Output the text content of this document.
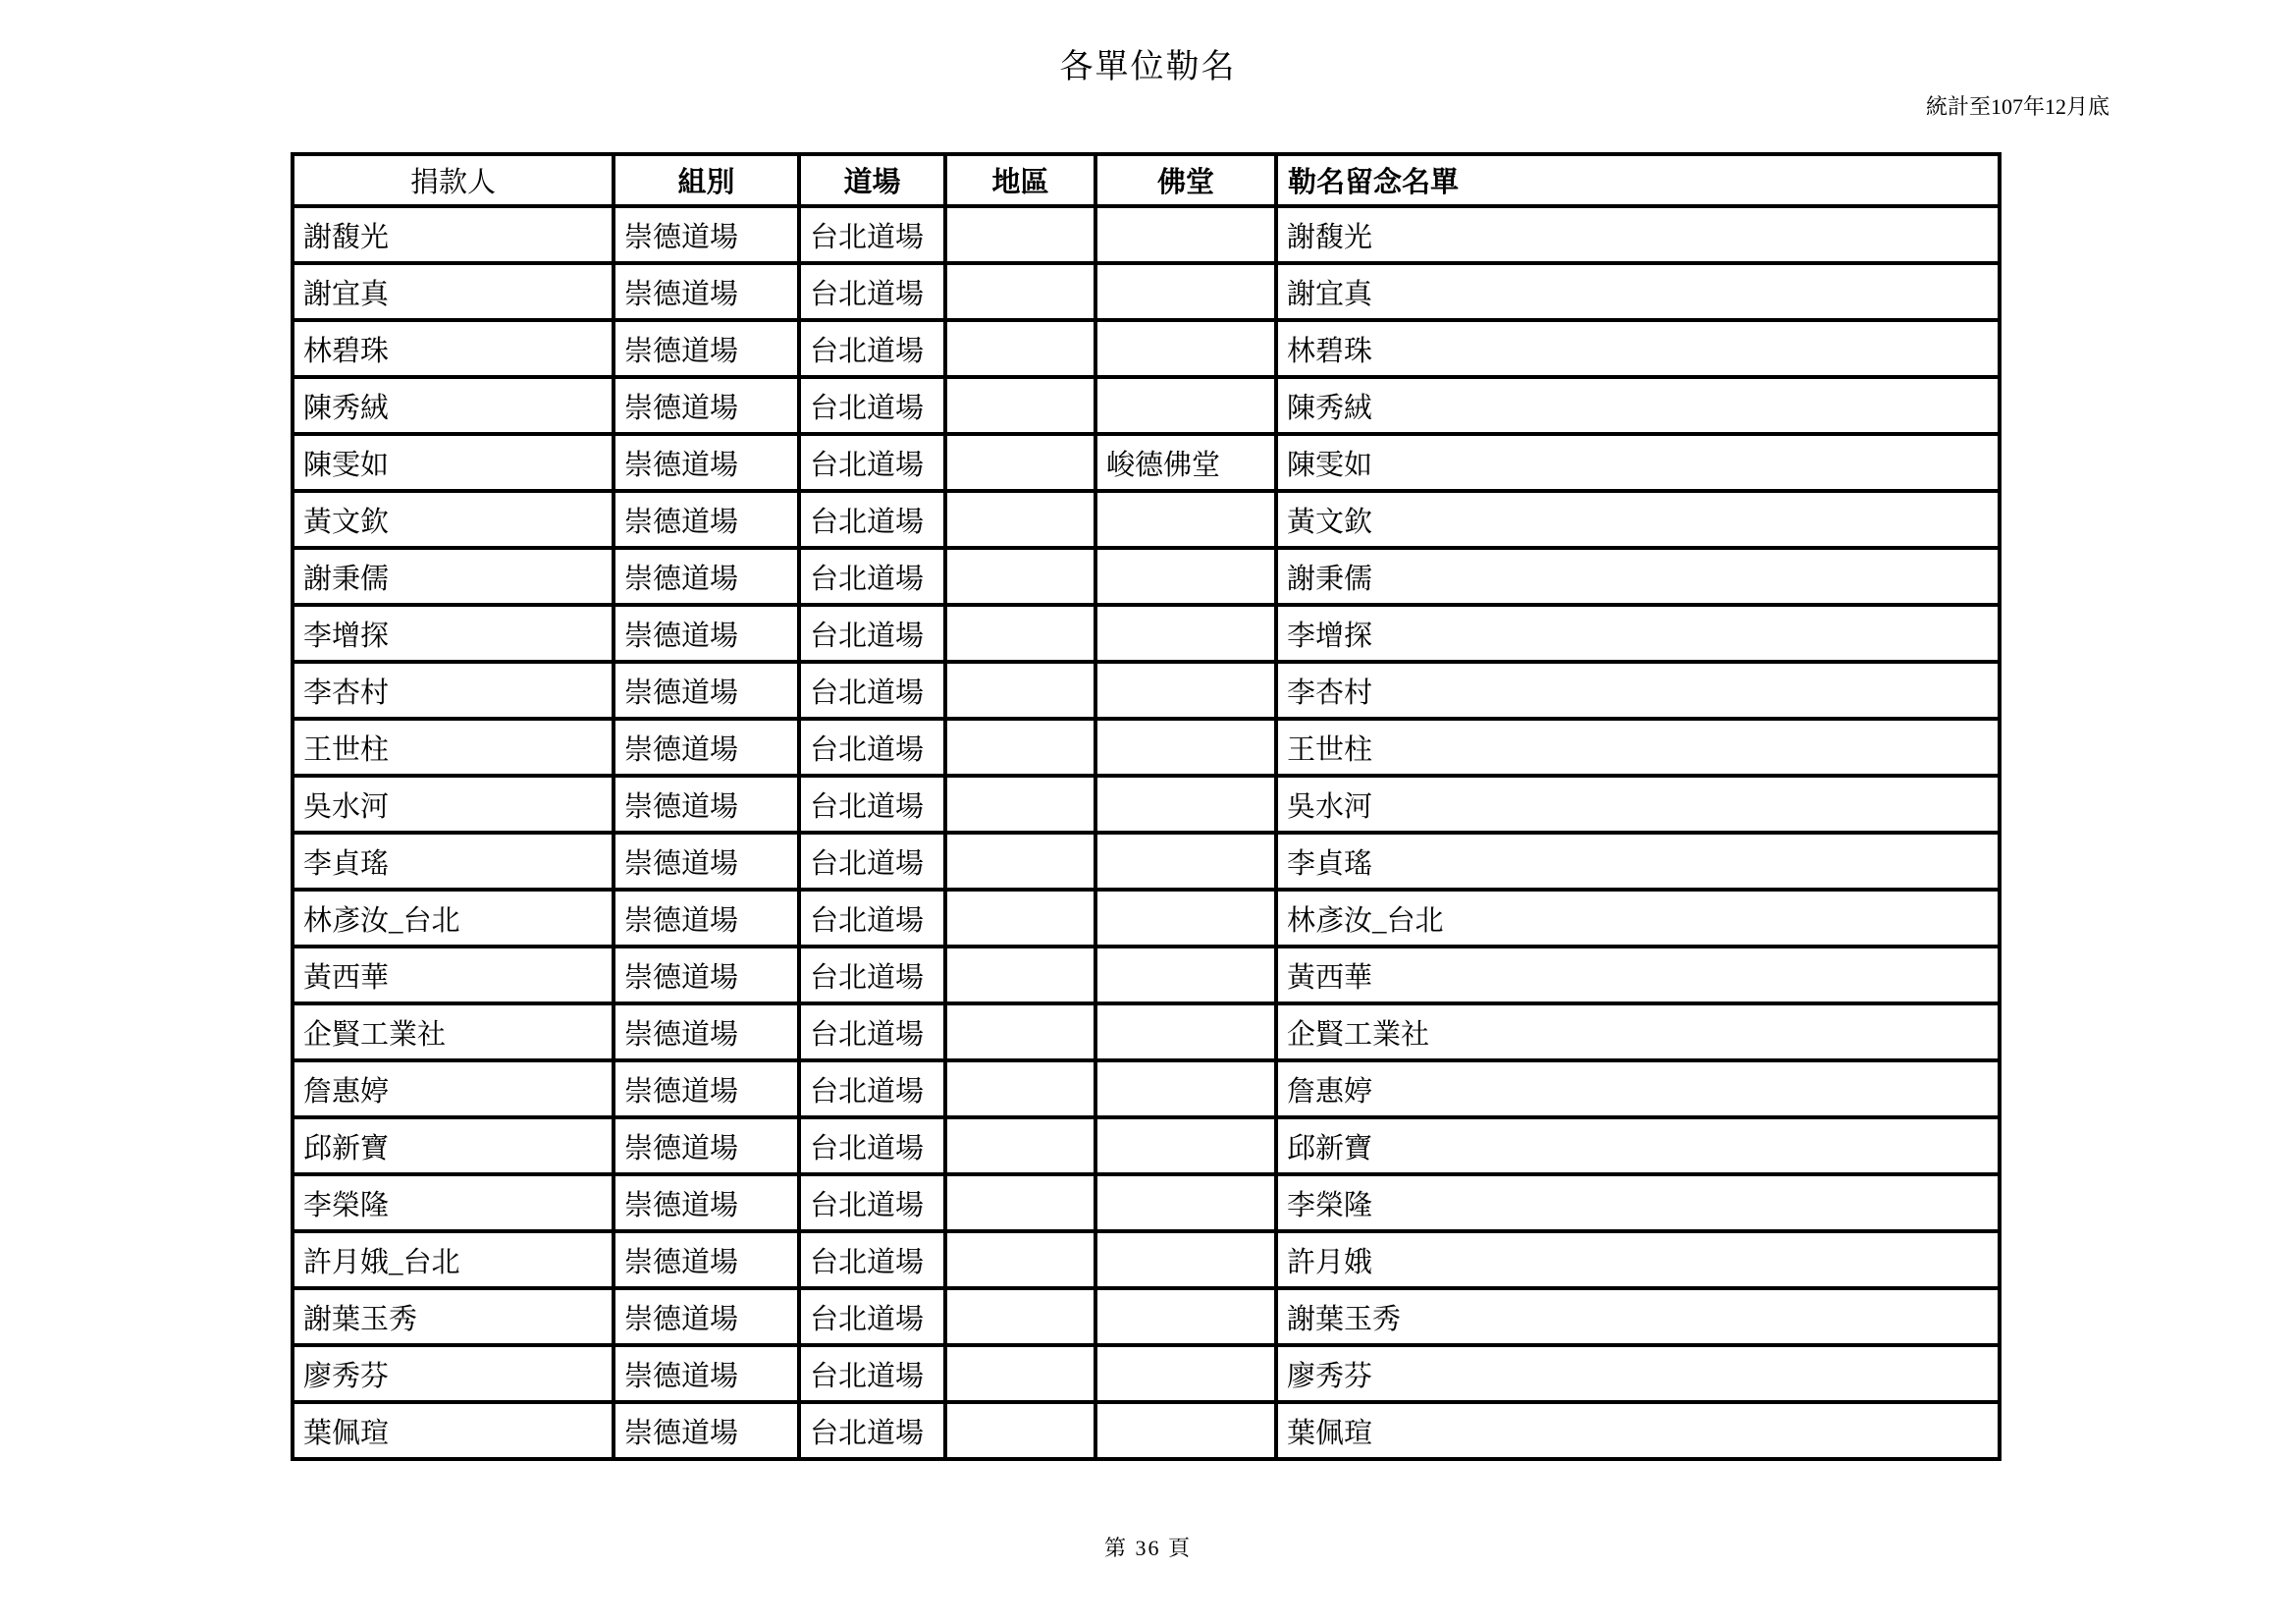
各單位勒名
統計至107年12月底
捐款人	組別	道場	地區	佛堂	勒名留念名單
謝馥光	崇德道場	台北道場			謝馥光
謝宜真	崇德道場	台北道場			謝宜真
林碧珠	崇德道場	台北道場			林碧珠
陳秀絨	崇德道場	台北道場			陳秀絨
陳雯如	崇德道場	台北道場		峻德佛堂	陳雯如
黃文欽	崇德道場	台北道場			黃文欽
謝秉儒	崇德道場	台北道場			謝秉儒
李增探	崇德道場	台北道場			李增探
李杏村	崇德道場	台北道場			李杏村
王世柱	崇德道場	台北道場			王世柱
吳水河	崇德道場	台北道場			吳水河
李貞瑤	崇德道場	台北道場			李貞瑤
林彥汝_台北	崇德道場	台北道場			林彥汝_台北
黃西華	崇德道場	台北道場			黃西華
企賢工業社	崇德道場	台北道場			企賢工業社
詹惠婷	崇德道場	台北道場			詹惠婷
邱新寶	崇德道場	台北道場			邱新寶
李榮隆	崇德道場	台北道場			李榮隆
許月娥_台北	崇德道場	台北道場			許月娥
謝葉玉秀	崇德道場	台北道場			謝葉玉秀
廖秀芬	崇德道場	台北道場			廖秀芬
葉佩瑄	崇德道場	台北道場			葉佩瑄
第 36 頁
